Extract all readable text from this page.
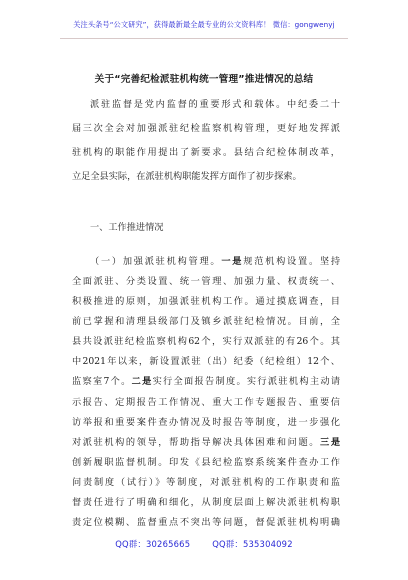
关注头条号“公文研究”，获得最新最全最专业的公文资料库！ 微信：gongwenyj
关于“完善纪检派驻机构统一管理”推进情况的总结
派驻监督是党内监督的重要形式和载体。中纪委二十
届三次全会对加强派驻纪检监察机构管理，更好地发挥派
驻机构的职能作用提出了新要求。县结合纪检体制改革，
立足全县实际，在派驻机构职能发挥方面作了初步探索。
一、工作推进情况
（一）加强派驻机构管理。一是规范机构设置。坚持
全面派驻、分类设置、统一管理、加强力量、权责统一、
积极推进的原则，加强派驻机构工作。通过摸底调查，目
前已掌握和清理县级部门及镇乡派驻纪检情况。目前，全
县共设派驻纪检监察机构62个，实行双派驻的有26个。其
中2021年以来，新设置派驻（出）纪委（纪检组）12个、
监察室7个。二是实行全面报告制度。实行派驻机构主动请
示报告、定期报告工作情况、重大工作专题报告、重要信
访举报和重要案件查办情况及时报告等制度，进一步强化
对派驻机构的领导，帮助指导解决具体困难和问题。三是
创新履职监督机制。印发《县纪检监察系统案件查办工作
问责制度（试行）》等制度，对派驻机构的工作职责和监
督责任进行了明确和细化，从制度层面上解决派驻机构职
责定位模糊、监督重点不突出等问题，督促派驻机构明确
QQ群：30265665	QQ群：535304092
